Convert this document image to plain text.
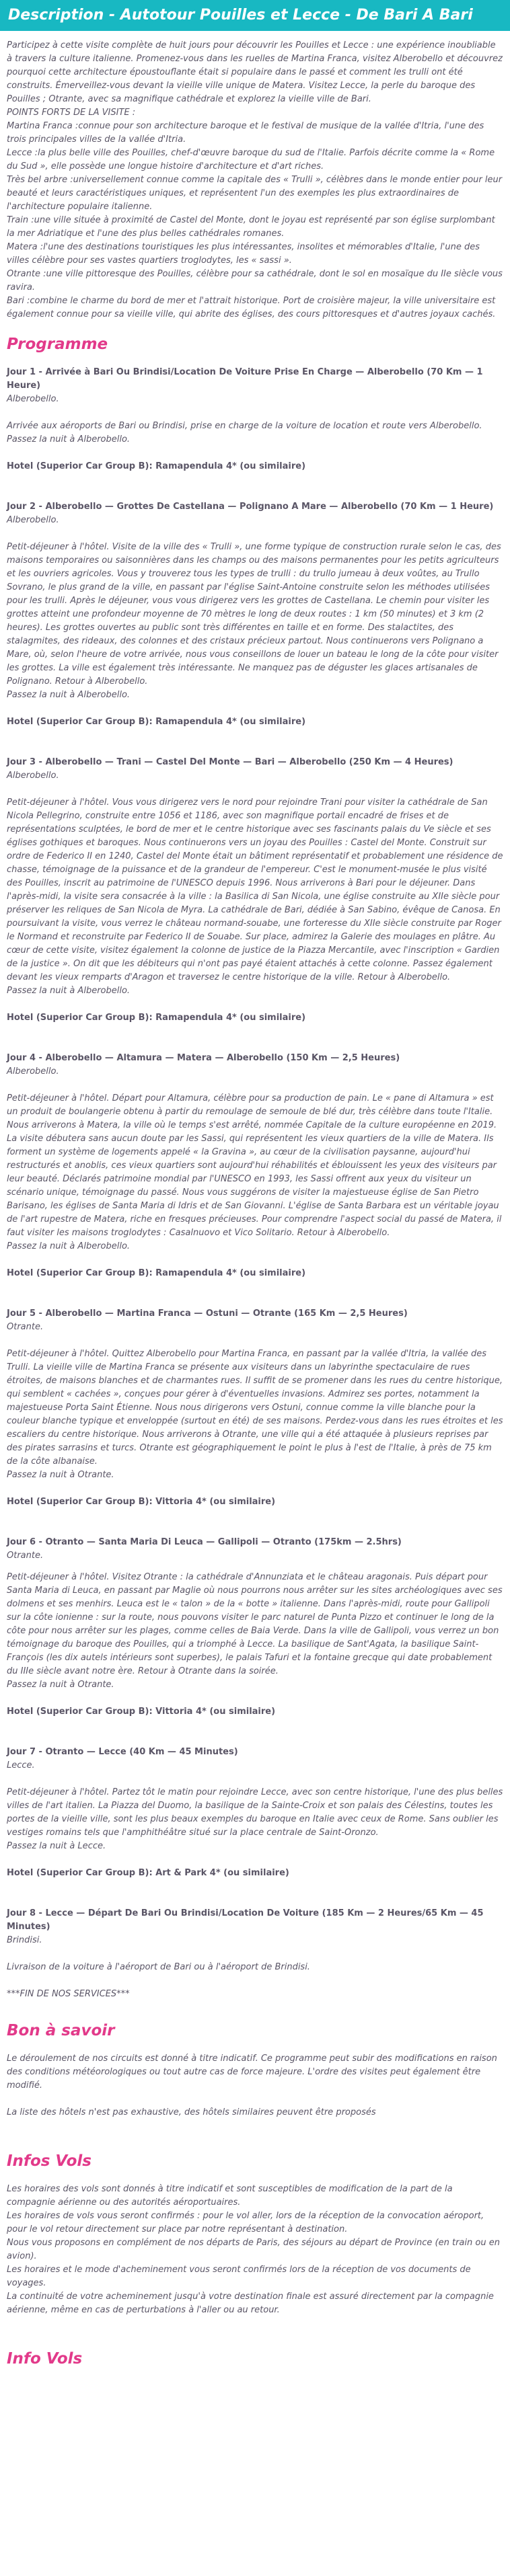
Description - Autotour Pouilles et Lecce - De Bari A Bari

Participez à cette visite complète de huit jours pour découvrir les Pouilles et Lecce : une expérience inoubliable à travers la culture italienne. Promenez-vous dans les ruelles de Martina Franca, visitez Alberobello et découvrez pourquoi cette architecture époustouflante était si populaire dans le passé et comment les trulli ont été construits. Émerveillez-vous devant la vieille ville unique de Matera. Visitez Lecce, la perle du baroque des Pouilles ; Otrante, avec sa magnifique cathédrale et explorez la vieille ville de Bari.

POINTS FORTS DE LA VISITE :

Martina Franca :connue pour son architecture baroque et le festival de musique de la vallée d'Itria, l'une des trois principales villes de la vallée d'Itria.

Lecce :la plus belle ville des Pouilles, chef-d'œuvre baroque du sud de l'Italie. Parfois décrite comme la « Rome du Sud », elle possède une longue histoire d'architecture et d'art riches.

Très bel arbre :universellement connue comme la capitale des « Trulli », célèbres dans le monde entier pour leur beauté et leurs caractéristiques uniques, et représentent l'un des exemples les plus extraordinaires de l'architecture populaire italienne.

Train :une ville située à proximité de Castel del Monte, dont le joyau est représenté par son église surplombant la mer Adriatique et l'une des plus belles cathédrales romanes.

Matera :l'une des destinations touristiques les plus intéressantes, insolites et mémorables d'Italie, l'une des villes célèbre pour ses vastes quartiers troglodytes, les « sassi ».

Otrante :une ville pittoresque des Pouilles, célèbre pour sa cathédrale, dont le sol en mosaïque du IIe siècle vous ravira.

Bari :combine le charme du bord de mer et l'attrait historique. Port de croisière majeur, la ville universitaire est également connue pour sa vieille ville, qui abrite des églises, des cours pittoresques et d'autres joyaux cachés.

Programme
Jour 1 - Arrivée à Bari Ou Brindisi/Location De Voiture Prise En Charge — Alberobello (70 Km — 1 Heure)
Alberobello.

Arrivée aux aéroports de Bari ou Brindisi, prise en charge de la voiture de location et route vers Alberobello.

Passez la nuit à Alberobello.

Hotel (Superior Car Group B): Ramapendula 4* (ou similaire)
Jour 2 - Alberobello — Grottes De Castellana — Polignano A Mare — Alberobello (70 Km — 1 Heure)
Alberobello.

Petit-déjeuner à l'hôtel. Visite de la ville des « Trulli », une forme typique de construction rurale selon le cas, des maisons temporaires ou saisonnières dans les champs ou des maisons permanentes pour les petits agriculteurs et les ouvriers agricoles. Vous y trouverez tous les types de trulli : du trullo jumeau à deux voûtes, au Trullo Sovrano, le plus grand de la ville, en passant par l'église Saint-Antoine construite selon les méthodes utilisées pour les trulli. Après le déjeuner, vous vous dirigerez vers les grottes de Castellana. Le chemin pour visiter les grottes atteint une profondeur moyenne de 70 mètres le long de deux routes : 1 km (50 minutes) et 3 km (2 heures). Les grottes ouvertes au public sont très différentes en taille et en forme. Des stalactites, des stalagmites, des rideaux, des colonnes et des cristaux précieux partout. Nous continuerons vers Polignano a Mare, où, selon l'heure de votre arrivée, nous vous conseillons de louer un bateau le long de la côte pour visiter les grottes. La ville est également très intéressante. Ne manquez pas de déguster les glaces artisanales de Polignano. Retour à Alberobello.

Passez la nuit à Alberobello.

Hotel (Superior Car Group B): Ramapendula 4* (ou similaire)
Jour 3 - Alberobello — Trani — Castel Del Monte — Bari — Alberobello (250 Km — 4 Heures)
Alberobello.

Petit-déjeuner à l'hôtel. Vous vous dirigerez vers le nord pour rejoindre Trani pour visiter la cathédrale de San Nicola Pellegrino, construite entre 1056 et 1186, avec son magnifique portail encadré de frises et de représentations sculptées, le bord de mer et le centre historique avec ses fascinants palais du Ve siècle et ses églises gothiques et baroques. Nous continuerons vers un joyau des Pouilles : Castel del Monte. Construit sur ordre de Federico II en 1240, Castel del Monte était un bâtiment représentatif et probablement une résidence de chasse, témoignage de la puissance et de la grandeur de l'empereur. C'est le monument-musée le plus visité des Pouilles, inscrit au patrimoine de l'UNESCO depuis 1996. Nous arriverons à Bari pour le déjeuner. Dans l'après-midi, la visite sera consacrée à la ville : la Basilica di San Nicola, une église construite au XIIe siècle pour préserver les reliques de San Nicola de Myra. La cathédrale de Bari, dédiée à San Sabino, évêque de Canosa. En poursuivant la visite, vous verrez le château normand-souabe, une forteresse du XIIe siècle construite par Roger le Normand et reconstruite par Federico II de Souabe. Sur place, admirez la Galerie des moulages en plâtre. Au cœur de cette visite, visitez également la colonne de justice de la Piazza Mercantile, avec l'inscription « Gardien de la justice ». On dit que les débiteurs qui n'ont pas payé étaient attachés à cette colonne. Passez également devant les vieux remparts d'Aragon et traversez le centre historique de la ville. Retour à Alberobello.

Passez la nuit à Alberobello.

Hotel (Superior Car Group B): Ramapendula 4* (ou similaire)
Jour 4 - Alberobello — Altamura — Matera — Alberobello (150 Km — 2,5 Heures)
Alberobello.

Petit-déjeuner à l'hôtel. Départ pour Altamura, célèbre pour sa production de pain. Le « pane di Altamura » est un produit de boulangerie obtenu à partir du remoulage de semoule de blé dur, très célèbre dans toute l'Italie. Nous arriverons à Matera, la ville où le temps s'est arrêté, nommée Capitale de la culture européenne en 2019. La visite débutera sans aucun doute par les Sassi, qui représentent les vieux quartiers de la ville de Matera. Ils forment un système de logements appelé « la Gravina », au cœur de la civilisation paysanne, aujourd'hui restructurés et anoblis, ces vieux quartiers sont aujourd'hui réhabilités et éblouissent les yeux des visiteurs par leur beauté. Déclarés patrimoine mondial par l'UNESCO en 1993, les Sassi offrent aux yeux du visiteur un scénario unique, témoignage du passé. Nous vous suggérons de visiter la majestueuse église de San Pietro Barisano, les églises de Santa Maria di Idris et de San Giovanni. L'église de Santa Barbara est un véritable joyau de l'art rupestre de Matera, riche en fresques précieuses. Pour comprendre l'aspect social du passé de Matera, il faut visiter les maisons troglodytes : Casalnuovo et Vico Solitario. Retour à Alberobello.

Passez la nuit à Alberobello.

Hotel (Superior Car Group B): Ramapendula 4* (ou similaire)
Jour 5 - Alberobello — Martina Franca — Ostuni — Otrante (165 Km — 2,5 Heures)
Otrante.

Petit-déjeuner à l'hôtel. Quittez Alberobello pour Martina Franca, en passant par la vallée d'Itria, la vallée des Trulli. La vieille ville de Martina Franca se présente aux visiteurs dans un labyrinthe spectaculaire de rues étroites, de maisons blanches et de charmantes rues. Il suffit de se promener dans les rues du centre historique, qui semblent « cachées », conçues pour gérer à d'éventuelles invasions. Admirez ses portes, notamment la majestueuse Porta Saint Étienne. Nous nous dirigerons vers Ostuni, connue comme la ville blanche pour la couleur blanche typique et enveloppée (surtout en été) de ses maisons. Perdez-vous dans les rues étroites et les escaliers du centre historique. Nous arriverons à Otrante, une ville qui a été attaquée à plusieurs reprises par des pirates sarrasins et turcs. Otrante est géographiquement le point le plus à l'est de l'Italie, à près de 75 km de la côte albanaise.

Passez la nuit à Otrante.

Hotel (Superior Car Group B): Vittoria 4* (ou similaire)
Jour 6 - Otranto — Santa Maria Di Leuca — Gallipoli — Otranto (175km — 2.5hrs)
Otrante.

Petit-déjeuner à l'hôtel. Visitez Otrante : la cathédrale d'Annunziata et le château aragonais. Puis départ pour Santa Maria di Leuca, en passant par Maglie où nous pourrons nous arrêter sur les sites archéologiques avec ses dolmens et ses menhirs. Leuca est le « talon » de la « botte » italienne. Dans l'après-midi, route pour Gallipoli sur la côte ionienne : sur la route, nous pouvons visiter le parc naturel de Punta Pizzo et continuer le long de la côte pour nous arrêter sur les plages, comme celles de Baia Verde. Dans la ville de Gallipoli, vous verrez un bon témoignage du baroque des Pouilles, qui a triomphé à Lecce. La basilique de Sant'Agata, la basilique Saint-François (les dix autels intérieurs sont superbes), le palais Tafuri et la fontaine grecque qui date probablement du IIIe siècle avant notre ère. Retour à Otrante dans la soirée.

Passez la nuit à Otrante.

Hotel (Superior Car Group B): Vittoria 4* (ou similaire)
Jour 7 - Otranto — Lecce (40 Km — 45 Minutes)
Lecce.

Petit-déjeuner à l'hôtel. Partez tôt le matin pour rejoindre Lecce, avec son centre historique, l'une des plus belles villes de l'art italien. La Piazza del Duomo, la basilique de la Sainte-Croix et son palais des Célestins, toutes les portes de la vieille ville, sont les plus beaux exemples du baroque en Italie avec ceux de Rome. Sans oublier les vestiges romains tels que l'amphithéâtre situé sur la place centrale de Saint-Oronzo.

Passez la nuit à Lecce.

Hotel (Superior Car Group B): Art & Park 4* (ou similaire)
Jour 8 - Lecce — Départ De Bari Ou Brindisi/Location De Voiture (185 Km — 2 Heures/65 Km — 45 Minutes)
Brindisi.

Livraison de la voiture à l'aéroport de Bari ou à l'aéroport de Brindisi.

***FIN DE NOS SERVICES***

Bon à savoir

Le déroulement de nos circuits est donné à titre indicatif. Ce programme peut subir des modifications en raison des conditions météorologiques ou tout autre cas de force majeure. L'ordre des visites peut également être modifié.

La liste des hôtels n'est pas exhaustive, des hôtels similaires peuvent être proposés

Infos Vols

Les horaires des vols sont donnés à titre indicatif et sont susceptibles de modification de la part de la compagnie aérienne ou des autorités aéroportuaires.

Les horaires de vols vous seront confirmés : pour le vol aller, lors de la réception de la convocation aéroport, pour le vol retour directement sur place par notre représentant à destination.

Nous vous proposons en complément de nos départs de Paris, des séjours au départ de Province (en train ou en avion).

Les horaires et le mode d'acheminement vous seront confirmés lors de la réception de vos documents de voyages.

La continuité de votre acheminement jusqu'à votre destination finale est assuré directement par la compagnie aérienne, même en cas de perturbations à l'aller ou au retour.

Info Vols
